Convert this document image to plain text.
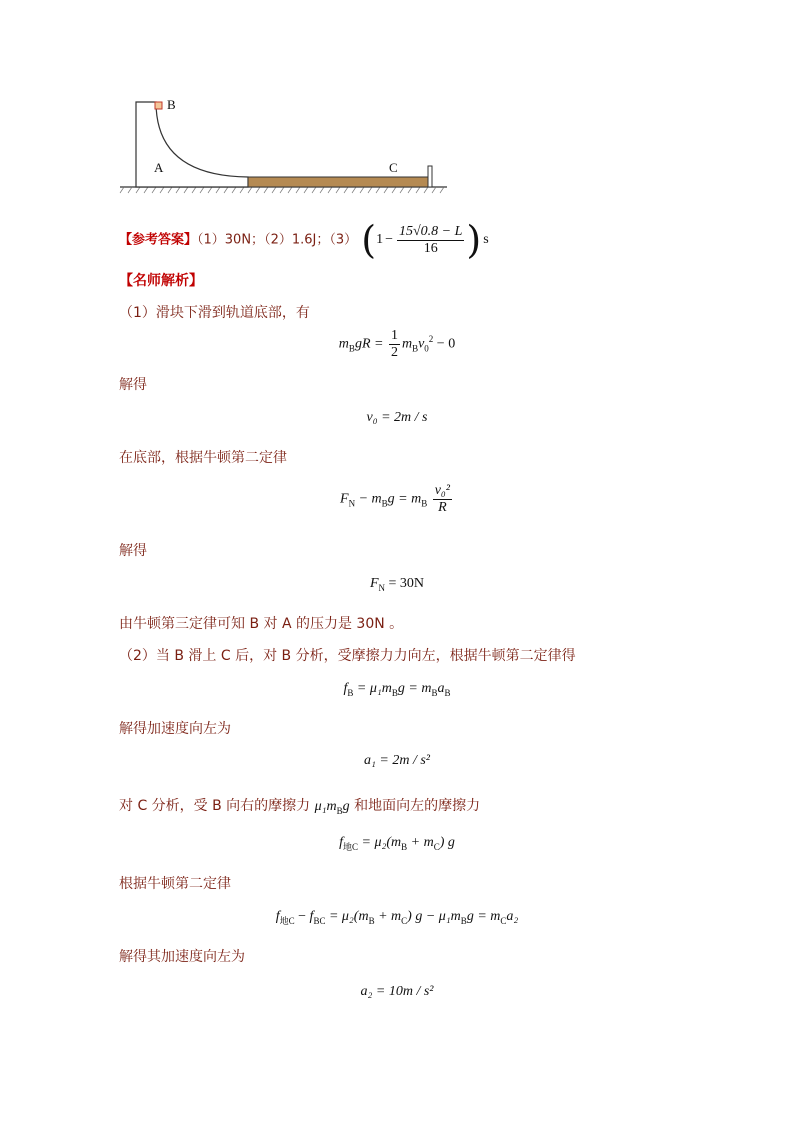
B
A	C
【参考答案】（1）30N；（2）1.6J；（3） ( $1 - \frac{15√0.8 - L}{16}$ ) s
【名师解析】
（1）滑块下滑到轨道底部，有
$m_BgR = \frac{1}{2} m_Bv_0^2 - 0$
解得
v₀ = 2m / s
在底部，根据牛顿第二定律
$F_N - m_Bg = m_B \frac{\text{v₀²}}{R}$
解得
$F_N = 30N$
由牛顿第三定律可知 B 对 A 的压力是 30N 。
（2）当 B 滑上 C 后，对 B 分析，受摩擦力力向左，根据牛顿第二定律得
$f_B = \mu_1m_Bg = m_Ba_B$
解得加速度向左为
a₁ = 2m / s²
对 C 分析，受 B 向右的摩擦力 $\mu_1m_Bg$ 和地面向左的摩擦力
$f_{地C} = \mu_2(m_B + m_C)$ g
根据牛顿第二定律
$f_{地C} - f_{BC} = \mu_2(m_B + m_C) g - \mu_1m_Bg = m_Ca_2$
解得其加速度向左为
a₂ = 10m / s²
